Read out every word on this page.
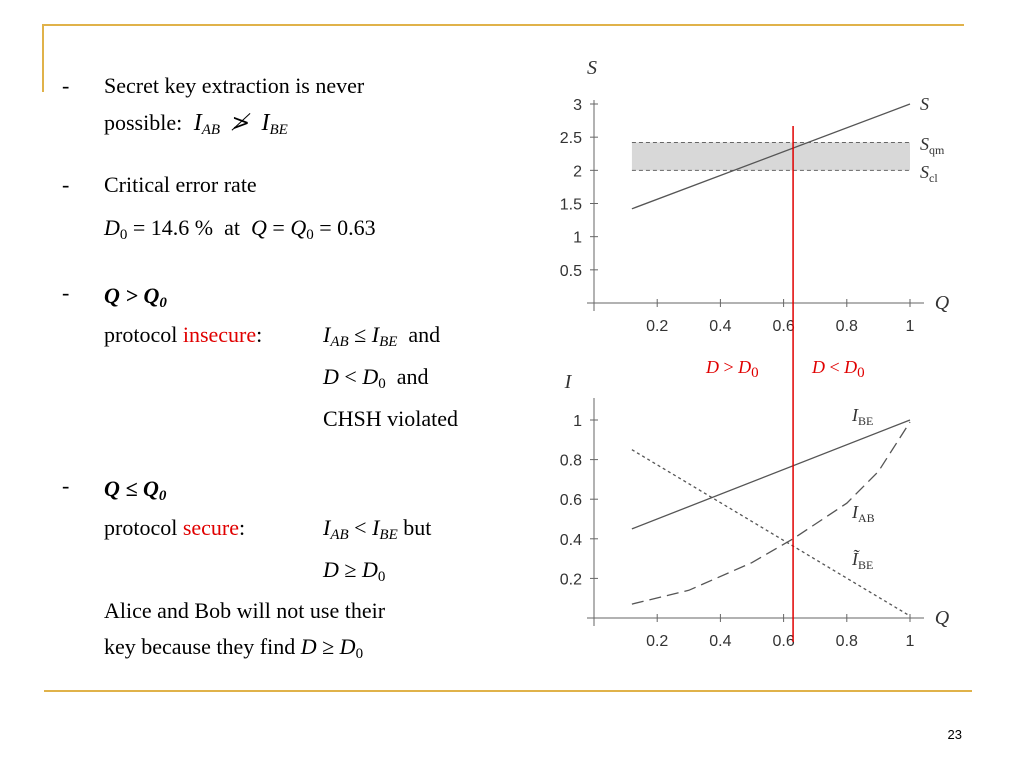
23
- Secret key extraction is never
possible: $I_{AB}$ ≯ $I_{BE}$
- Critical error rate
$D_0 = 14.6$ %  at  $Q = Q_0 = 0.63$
- $Q > Q_0$
protocol insecure:	$I_{AB} \le I_{BE}$  and
$D < D_0$  and
CHSH violated
- $Q \le Q_0$
protocol secure:	$I_{AB} < I_{BE}$ but
$D \ge D_0$
Alice and Bob will not use their
key because they find $D \ge D_0$
$D > D_0$	$D < D_0$
0.2	0.4	0.6	0.8	1
0.5
1
1.5
2
2.5
3
S
Q
S
$S_{qm}$
$S_{cl}$
0.2	0.4	0.6	0.8	1
0.2
0.4
0.6
0.8
1
I
Q
$I_{BE}$
$I_{AB}$
$Ĩ_{BE}$
